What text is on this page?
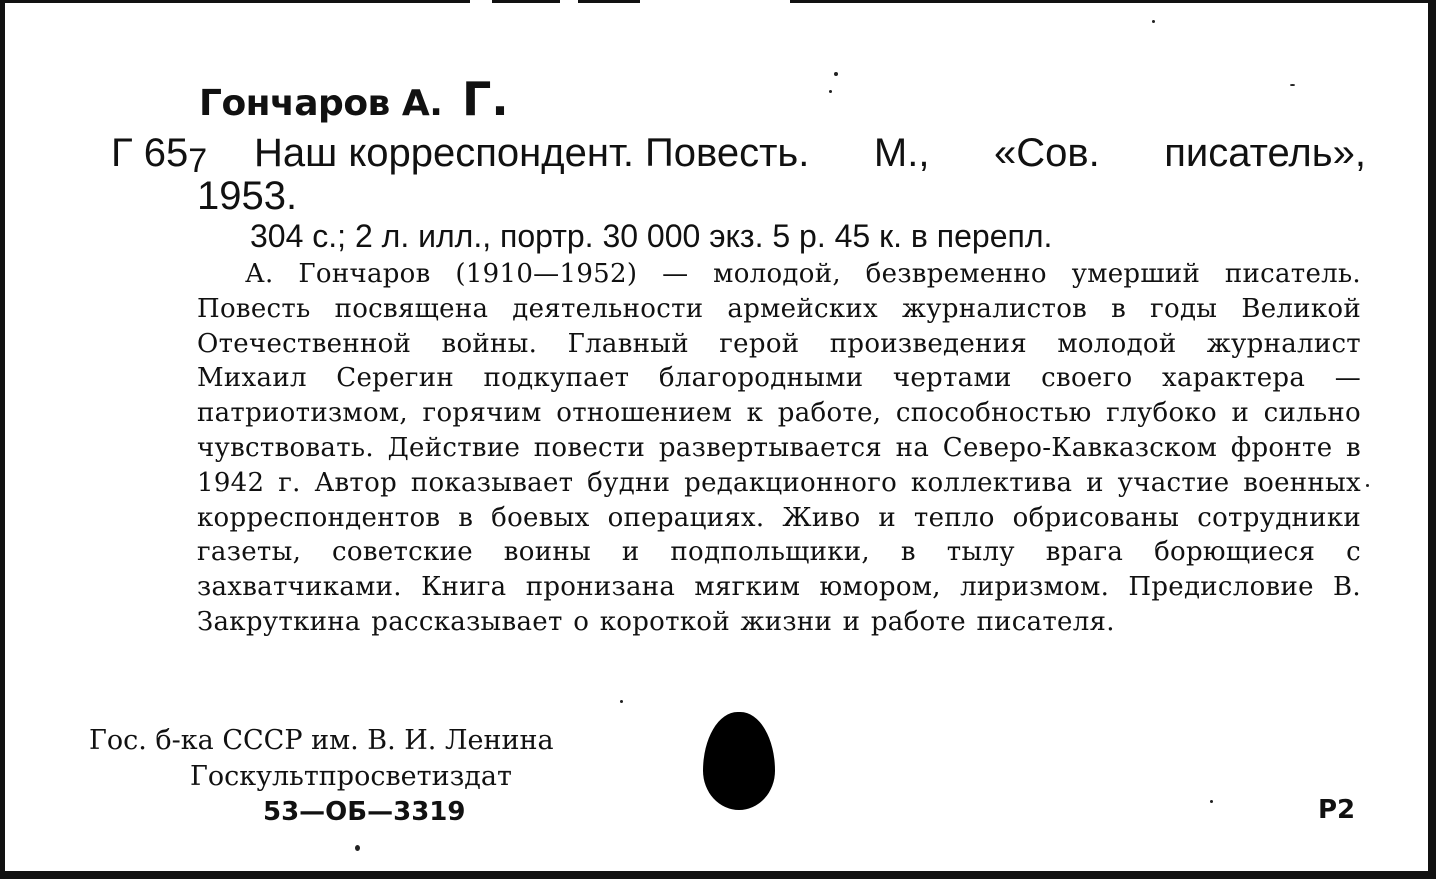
Гончаров А. Г.
Г 657 Наш корреспондент. Повесть. М., «Сов. писатель»,
1953.
304 с.; 2 л. илл., портр. 30 000 экз. 5 р. 45 к. в перепл.
А. Гончаров (1910—1952) — молодой, безвременно умерший писатель. Повесть посвящена деятельности армейских журналистов в годы Великой Отечественной войны. Главный герой произведения молодой журналист Михаил Серегин подкупает благородными чертами своего характера — патриотизмом, горячим отношением к работе, способностью глубоко и сильно чувствовать. Действие повести развертывается на Северо-Кавказском фронте в 1942 г. Автор показывает будни редакционного коллектива и участие военных корреспондентов в боевых операциях. Живо и тепло обрисованы сотрудники газеты, советские воины и подпольщики, в тылу врага борющиеся с захватчиками. Книга пронизана мягким юмором, лиризмом. Предисловие В. Закруткина рассказывает о короткой жизни и работе писателя.
Гос. б-ка СССР им. В. И. Ленина
Госкультпросветиздат
53—ОБ—3319	Р2
